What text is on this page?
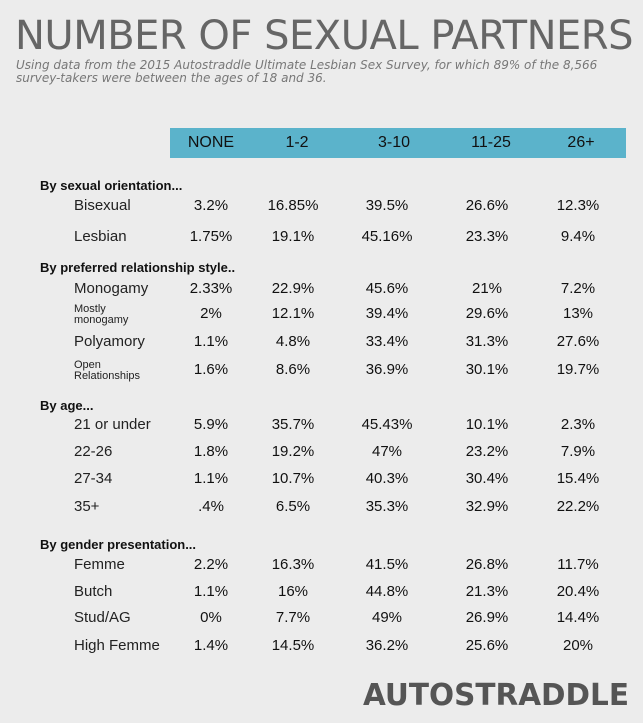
NUMBER OF SEXUAL PARTNERS
Using data from the 2015 Autostraddle Ultimate Lesbian Sex Survey, for which 89% of the 8,566 survey-takers were between the ages of 18 and 36.
NONE	1-2	3-10	11-25	26+
By sexual orientation...
Bisexual	3.2%	16.85%	39.5%	26.6%	12.3%
Lesbian	1.75%	19.1%	45.16%	23.3%	9.4%
By preferred relationship style..
Monogamy	2.33%	22.9%	45.6%	21%	7.2%
Mostly monogamy	2%	12.1%	39.4%	29.6%	13%
Polyamory	1.1%	4.8%	33.4%	31.3%	27.6%
Open Relationships	1.6%	8.6%	36.9%	30.1%	19.7%
By age...
21 or under	5.9%	35.7%	45.43%	10.1%	2.3%
22-26	1.8%	19.2%	47%	23.2%	7.9%
27-34	1.1%	10.7%	40.3%	30.4%	15.4%
35+	.4%	6.5%	35.3%	32.9%	22.2%
By gender presentation...
Femme	2.2%	16.3%	41.5%	26.8%	11.7%
Butch	1.1%	16%	44.8%	21.3%	20.4%
Stud/AG	0%	7.7%	49%	26.9%	14.4%
High Femme	1.4%	14.5%	36.2%	25.6%	20%
AUTOSTRADDLE
